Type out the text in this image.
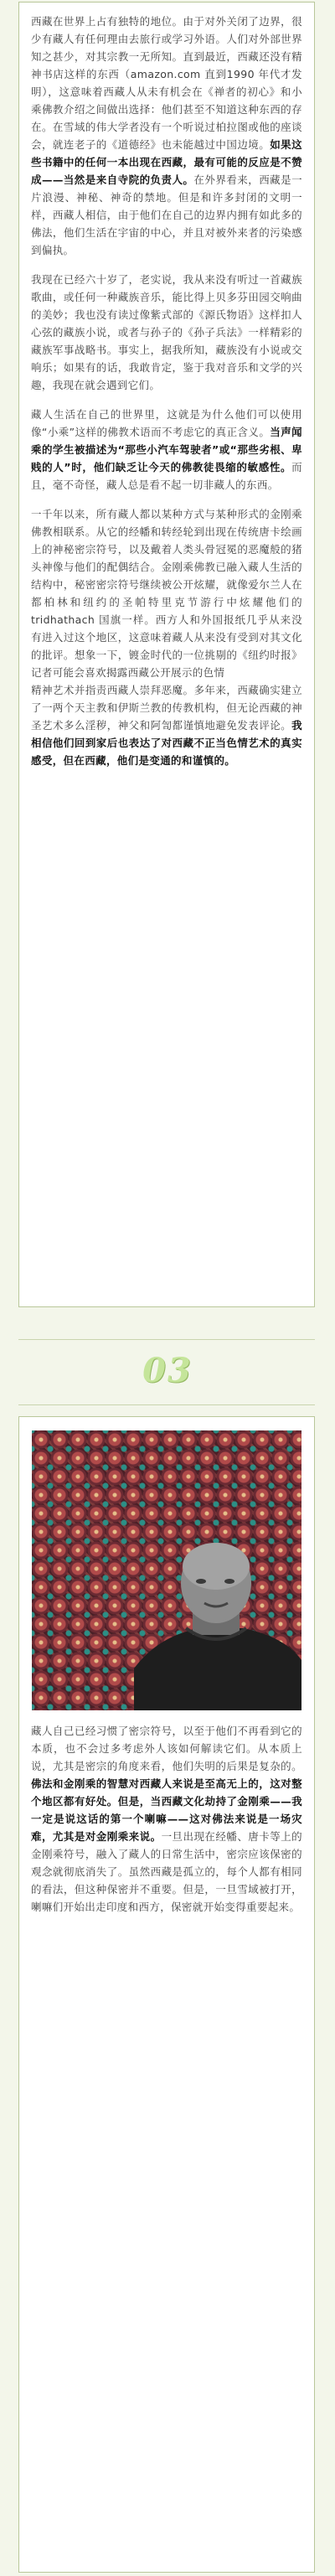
西藏在世界上占有独特的地位。由于对外关闭了边界，很少有藏人有任何理由去旅行或学习外语。人们对外部世界知之甚少，对其宗教一无所知。直到最近，西藏还没有精神书店这样的东西（amazon.com 直到1990 年代才发明），这意味着西藏人从未有机会在《禅者的初心》和小乘佛教介绍之间做出选择：他们甚至不知道这种东西的存在。在雪域的伟大学者没有一个听说过柏拉图或他的座谈会，就连老子的《道德经》也未能越过中国边境。如果这些书籍中的任何一本出现在西藏，最有可能的反应是不赞成——当然是来自寺院的负责人。在外界看来，西藏是一片浪漫、神秘、神奇的禁地。但是和许多封闭的文明一样，西藏人相信，由于他们在自己的边界内拥有如此多的佛法，他们生活在宇宙的中心，并且对被外来者的污染感到偏执。

我现在已经六十岁了，老实说，我从来没有听过一首藏族歌曲，或任何一种藏族音乐，能比得上贝多芬田园交响曲的美妙；我也没有读过像紫式部的《源氏物语》这样扣人心弦的藏族小说，或者与孙子的《孙子兵法》一样精彩的藏族军事战略书。事实上，据我所知，藏族没有小说或交响乐；如果有的话，我敢肯定，鉴于我对音乐和文学的兴趣，我现在就会遇到它们。

藏人生活在自己的世界里，这就是为什么他们可以使用像“小乘”这样的佛教术语而不考虑它的真正含义。当声闻乘的学生被描述为“那些小汽车驾驶者”或“那些劣根、卑贱的人”时，他们缺乏让今天的佛教徒畏缩的敏感性。而且，毫不奇怪，藏人总是看不起一切非藏人的东西。

一千年以来，所有藏人都以某种方式与某种形式的金刚乘佛教相联系。从它的经幡和转经轮到出现在传统唐卡绘画上的神秘密宗符号，以及戴着人类头骨冠冕的恶魔般的猪头神像与他们的配偶结合。金刚乘佛教已融入藏人生活的结构中，秘密密宗符号继续被公开炫耀，就像爱尔兰人在都柏林和纽约的圣帕特里克节游行中炫耀他们的 tridhathach 国旗一样。西方人和外国报纸几乎从来没有进入过这个地区，这意味着藏人从来没有受到对其文化的批评。想象一下，镀金时代的一位挑剔的《纽约时报》记者可能会喜欢揭露西藏公开展示的色情
精神艺术并指责西藏人崇拜恶魔。多年来，西藏确实建立了一两个天主教和伊斯兰教的传教机构，但无论西藏的神圣艺术多么淫秽，神父和阿訇都谨慎地避免发表评论。我相信他们回到家后也表达了对西藏不正当色情艺术的真实感受，但在西藏，他们是变通的和谨慎的。

03

藏人自己已经习惯了密宗符号，以至于他们不再看到它的本质，也不会过多考虑外人该如何解读它们。从本质上说，尤其是密宗的角度来看，他们失明的后果是复杂的。佛法和金刚乘的智慧对西藏人来说是至高无上的，这对整个地区都有好处。但是，当西藏文化劫持了金刚乘——我一定是说这话的第一个喇嘛——这对佛法来说是一场灾难，尤其是对金刚乘来说。一旦出现在经幡、唐卡等上的金刚乘符号，融入了藏人的日常生活中，密宗应该保密的观念就彻底消失了。虽然西藏是孤立的，每个人都有相同的看法，但这种保密并不重要。但是，一旦雪域被打开，喇嘛们开始出走印度和西方，保密就开始变得重要起来。
